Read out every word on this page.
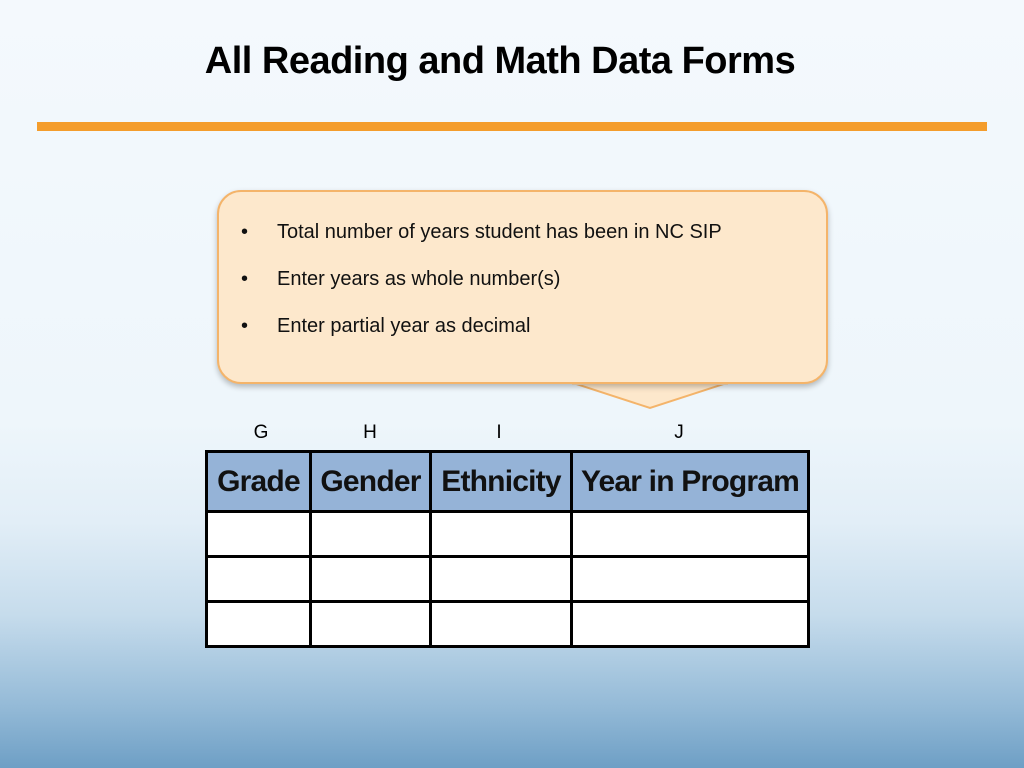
All Reading and Math Data Forms
• Total number of years student has been in NC SIP
• Enter years as whole number(s)
• Enter partial year as decimal
G	H	I	J
Grade	Gender	Ethnicity	Year in Program
